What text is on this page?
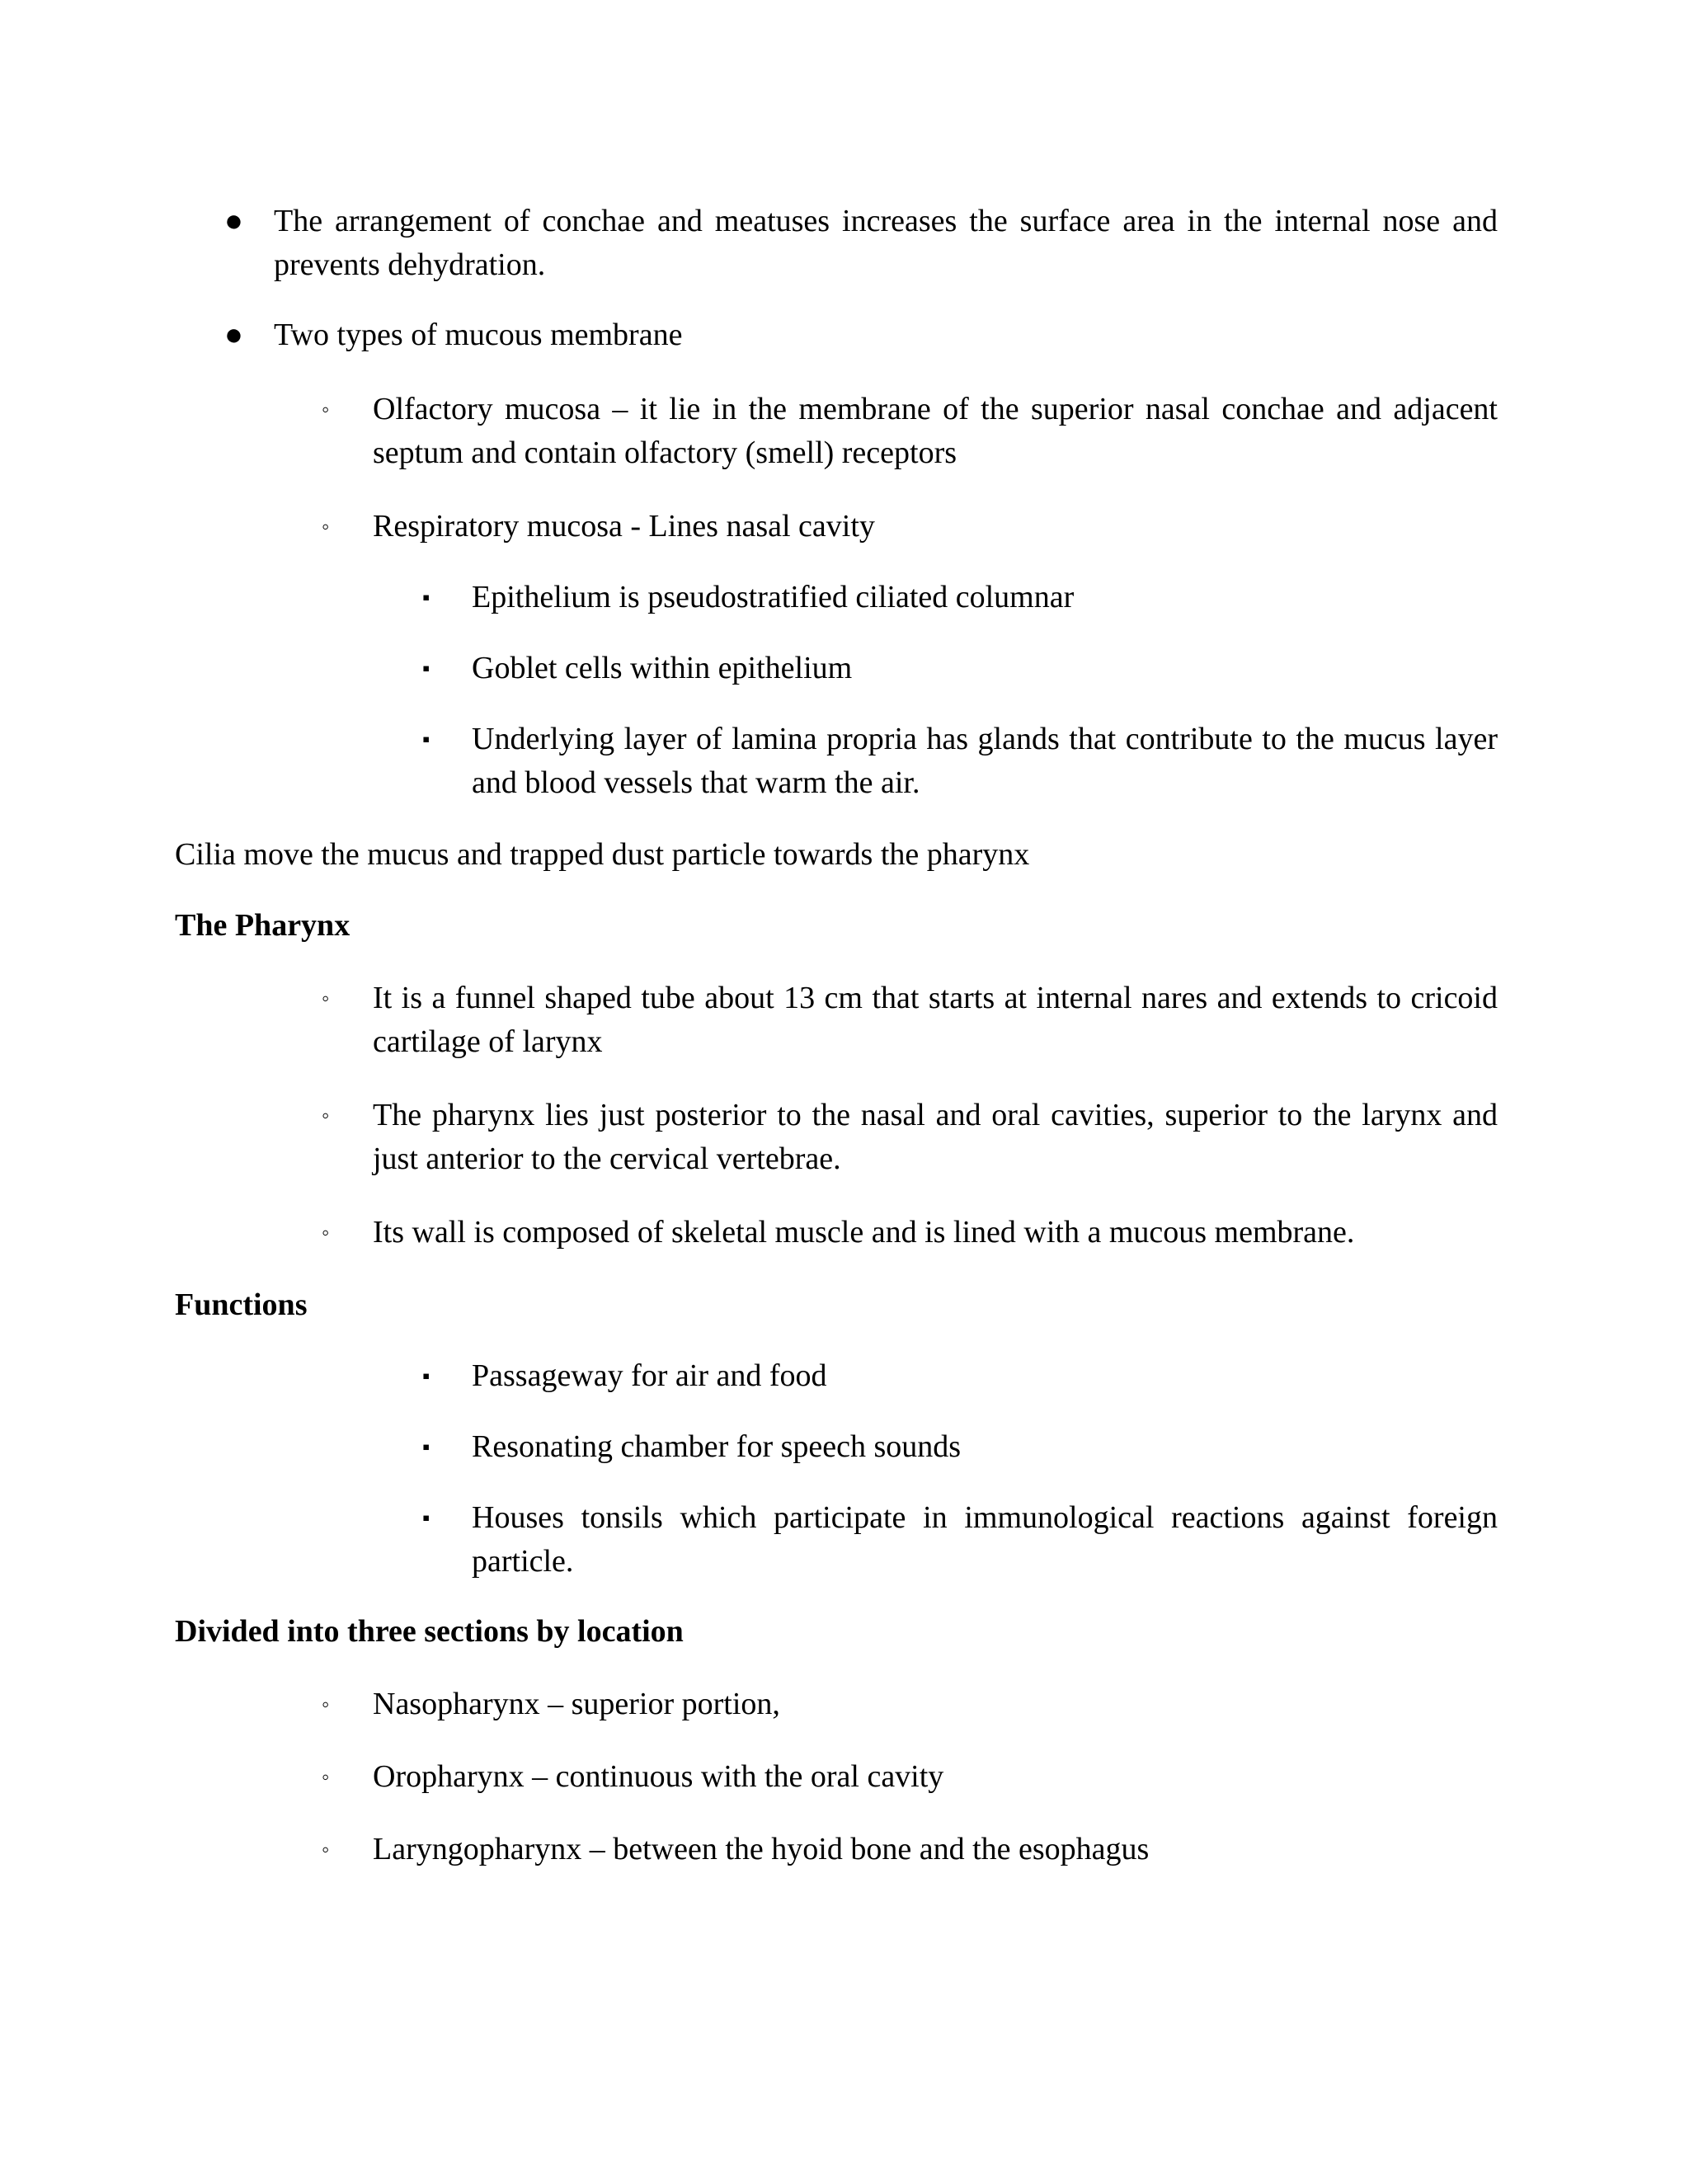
● The arrangement of conchae and meatuses increases the surface area in the internal nose and prevents dehydration.
● Two types of mucous membrane
◦ Olfactory mucosa – it lie in the membrane of the superior nasal conchae and adjacent septum and contain olfactory (smell) receptors
◦ Respiratory mucosa - Lines nasal cavity
▪ Epithelium is pseudostratified ciliated columnar
▪ Goblet cells within epithelium
▪ Underlying layer of lamina propria has glands that contribute to the mucus layer and blood vessels that warm the air.
Cilia move the mucus and trapped dust particle towards the pharynx
The Pharynx
◦ It is a funnel shaped tube about 13 cm that starts at internal nares and extends to cricoid cartilage of larynx
◦ The pharynx lies just posterior to the nasal and oral cavities, superior to the larynx and just anterior to the cervical vertebrae.
◦ Its wall is composed of skeletal muscle and is lined with a mucous membrane.
Functions
▪ Passageway for air and food
▪ Resonating chamber for speech sounds
▪ Houses tonsils which participate in immunological reactions against foreign particle.
Divided into three sections by location
◦ Nasopharynx – superior portion,
◦ Oropharynx – continuous with the oral cavity
◦ Laryngopharynx – between the hyoid bone and the esophagus
